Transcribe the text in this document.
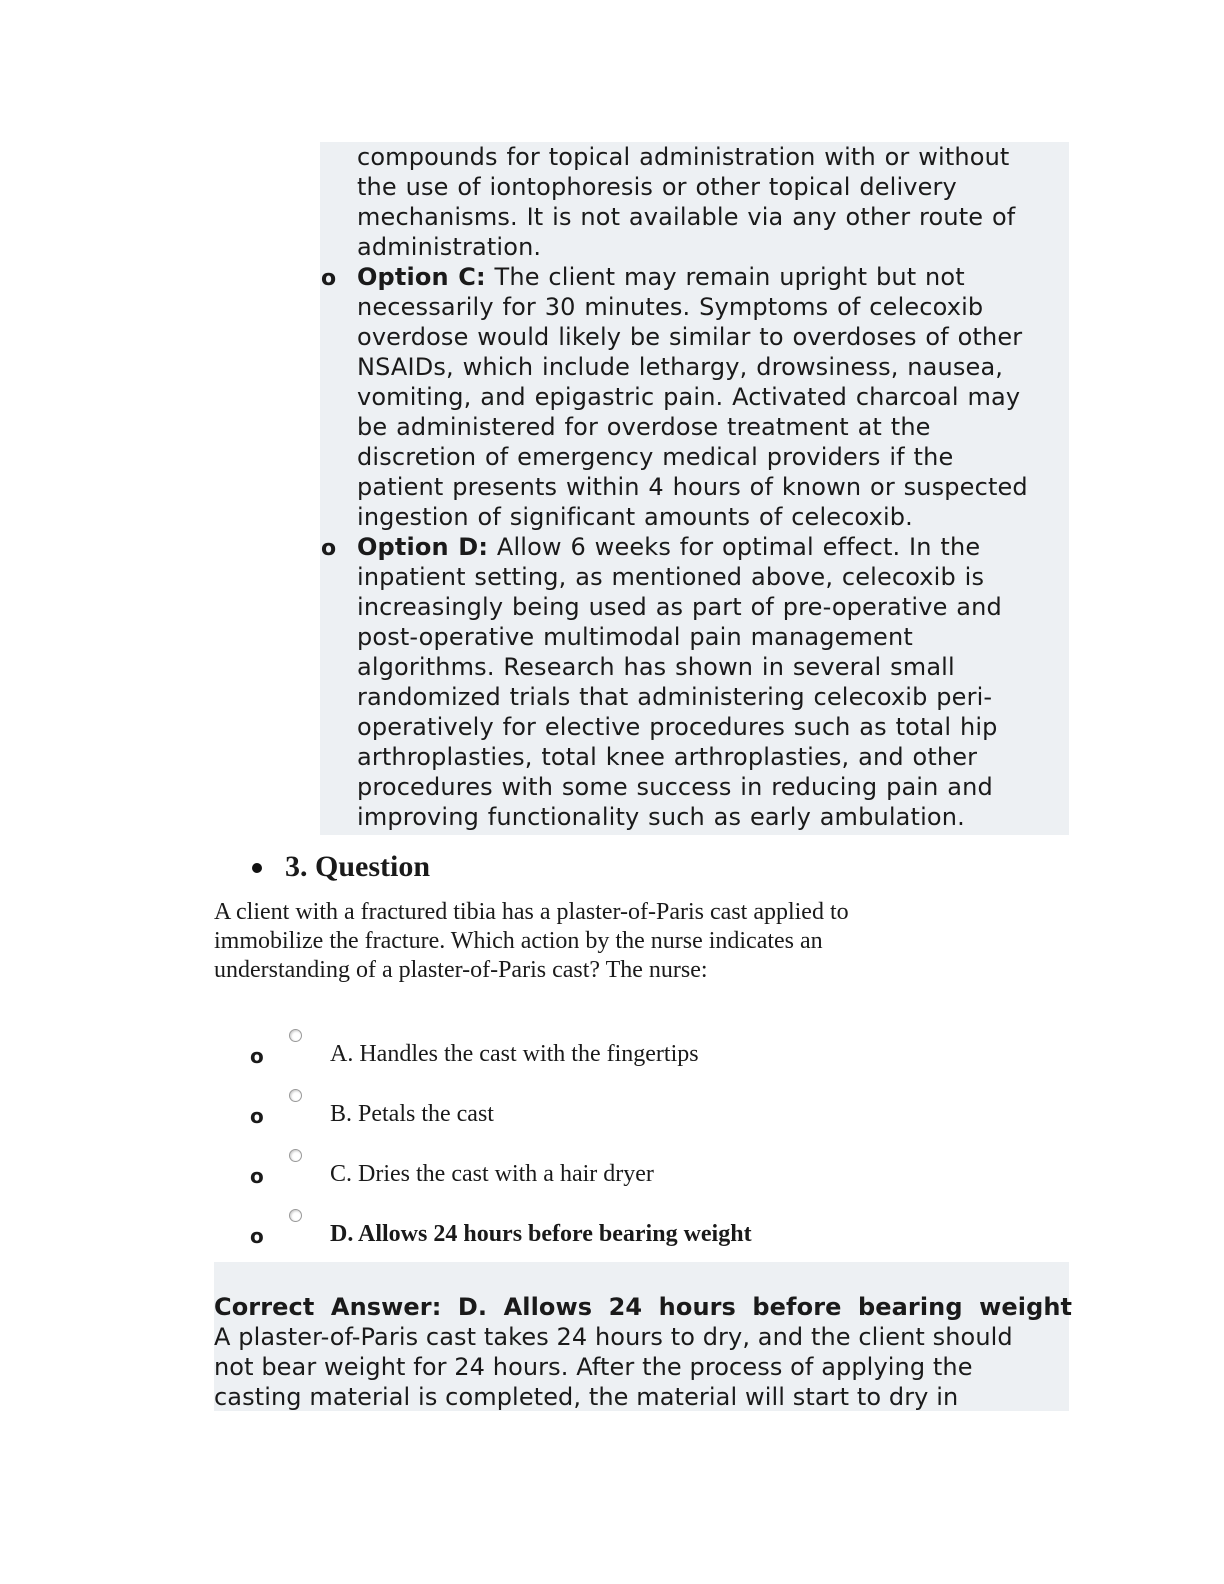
o
o
compounds for topical administration with or without
the use of iontophoresis or other topical delivery
mechanisms. It is not available via any other route of
administration.
Option C: The client may remain upright but not
necessarily for 30 minutes. Symptoms of celecoxib
overdose would likely be similar to overdoses of other
NSAIDs, which include lethargy, drowsiness, nausea,
vomiting, and epigastric pain. Activated charcoal may
be administered for overdose treatment at the
discretion of emergency medical providers if the
patient presents within 4 hours of known or suspected
ingestion of significant amounts of celecoxib.
Option D: Allow 6 weeks for optimal effect. In the
inpatient setting, as mentioned above, celecoxib is
increasingly being used as part of pre-operative and
post-operative multimodal pain management
algorithms. Research has shown in several small
randomized trials that administering celecoxib peri-
operatively for elective procedures such as total hip
arthroplasties, total knee arthroplasties, and other
procedures with some success in reducing pain and
improving functionality such as early ambulation.
3. Question
A client with a fractured tibia has a plaster-of-Paris cast applied to
immobilize the fracture. Which action by the nurse indicates an
understanding of a plaster-of-Paris cast? The nurse:
o	A. Handles the cast with the fingertips
o	B. Petals the cast
o	C. Dries the cast with a hair dryer
o	D. Allows 24 hours before bearing weight
Correct Answer: D. Allows 24 hours before bearing weight
A plaster-of-Paris cast takes 24 hours to dry, and the client should
not bear weight for 24 hours. After the process of applying the
casting material is completed, the material will start to dry in
